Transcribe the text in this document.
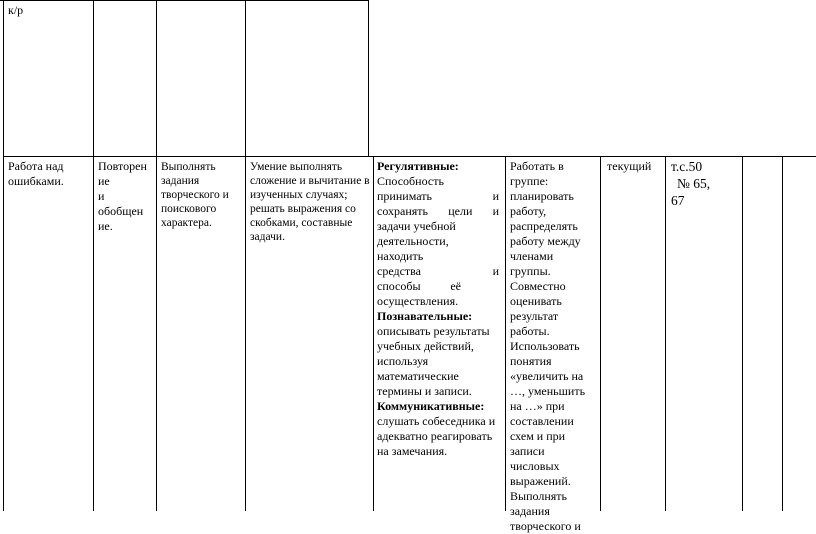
к/р
Работа над ошибками.
Повторен
ие
и
обобщен
ие.
Выполнять задания творческого и поискового характера.
Умение выполнять сложение и вычитание в изученных случаях; решать выражения со скобками, составные задачи.
Регулятивные:
Способность
принимать	и
сохранять цели и
задачи учебной
деятельности,
находить
средства	и
способы её
осуществления.
Познавательные:
описывать результаты учебных действий, используя математические термины и записи.
Коммуникативные:
слушать собеседника и адекватно реагировать на замечания.
Работать в
группе:
планировать
работу,
распределять
работу между
членами
группы.
Совместно
оценивать
результат
работы.
Использовать
понятия
«увеличить на
…, уменьшить
на …» при
составлении
схем и при
записи
числовых
выражений.
Выполнять
задания
творческого и
текущий т.с.50
№ 65,
67
